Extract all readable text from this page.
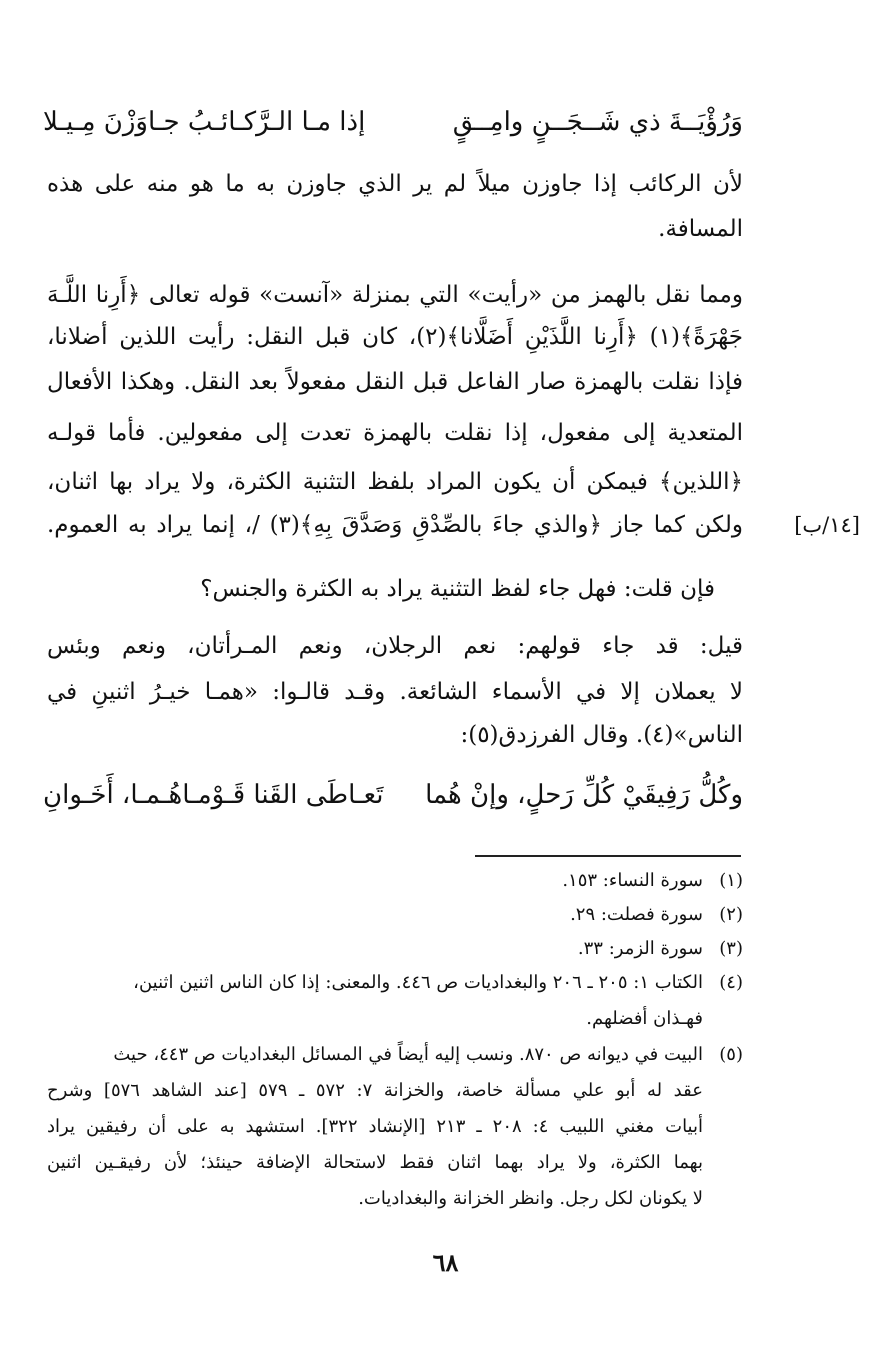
وَرُؤْيَــةَ ذي شَــجَــنٍ وامِــقٍ
إذا مـا الـرَّكـائـبُ جـاوَزْنَ مِـيـلا
لأن الركائب إذا جاوزن ميلاً لم ير الذي جاوزن به ما هو منه على هذه
المسافة.
ومما نقل بالهمز من «رأيت» التي بمنزلة «آنست» قوله تعالى ﴿أَرِنا اللَّـهَ
جَهْرَةً﴾(١) ﴿أَرِنا اللَّذَيْنِ أَضَلَّانا﴾(٢)، كان قبل النقل: رأيت اللذين أضلانا،
فإذا نقلت بالهمزة صار الفاعل قبل النقل مفعولاً بعد النقل. وهكذا الأفعال
المتعدية إلى مفعول، إذا نقلت بالهمزة تعدت إلى مفعولين. فأما قولـه
﴿اللذين﴾ فيمكن أن يكون المراد بلفظ التثنية الكثرة، ولا يراد بها اثنان،
ولكن كما جاز ﴿والذي جاءَ بالصِّدْقِ وَصَدَّقَ بِهِ﴾(٣) /، إنما يراد به العموم. [١٤/ب]
فإن قلت: فهل جاء لفظ التثنية يراد به الكثرة والجنس؟
قيل: قد جاء قولهم: نعم الرجلان، ونعم المـرأتان، ونعم وبئس
لا يعملان إلا في الأسماء الشائعة. وقـد قالـوا: «همـا خيـرُ اثنينِ في
الناس»(٤). وقال الفرزدق(٥):
وكُلُّ رَفِيقَيْ كُلِّ رَحلٍ، وإنْ هُما
تَعـاطَى القَنا قَـوْمـاهُـمـا، أَخَـوانِ
(١)
سورة النساء: ١٥٣.
(٢)
سورة فصلت: ٢٩.
(٣)
سورة الزمر: ٣٣.
(٤)
الكتاب ١: ٢٠٥ ـ ٢٠٦ والبغداديات ص ٤٤٦. والمعنى: إذا كان الناس اثنين اثنين،
فهـذان أفضلهم.
(٥)
البيت في ديوانه ص ٨٧٠. ونسب إليه أيضاً في المسائل البغداديات ص ٤٤٣، حيث
عقد له أبو علي مسألة خاصة، والخزانة ٧: ٥٧٢ ـ ٥٧٩ [عند الشاهد ٥٧٦] وشرح
أبيات مغني اللبيب ٤: ٢٠٨ ـ ٢١٣ [الإنشاد ٣٢٢]. استشهد به على أن رفيقين يراد
بهما الكثرة، ولا يراد بهما اثنان فقط لاستحالة الإضافة حينئذ؛ لأن رفيقـين اثنين
لا يكونان لكل رجل. وانظر الخزانة والبغداديات.
٦٨
